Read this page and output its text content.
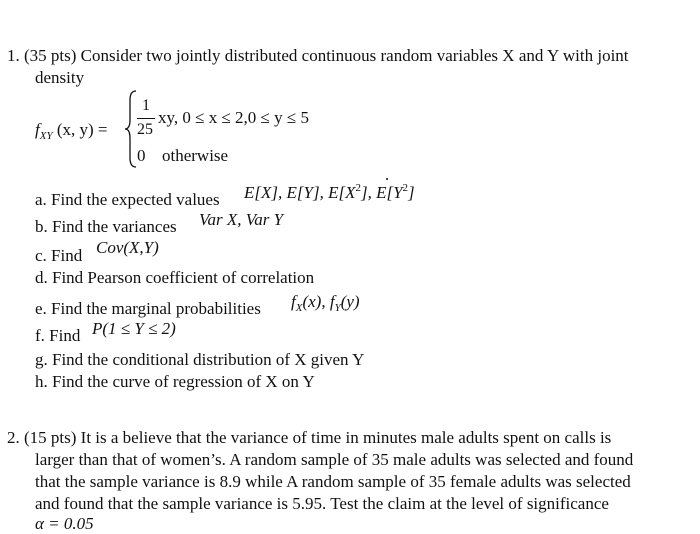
1. (35 pts) Consider two jointly distributed continuous random variables X and Y with joint
density
$f_{XY}$ (x, y) =
1
25
xy, 0 ≤ x ≤ 2,0 ≤ y ≤ 5
0 otherwise
a. Find the expected values E[X], E[Y], $E[X^2]$, $E[Y^2]$
b. Find the variances Var X, Var Y
c. Find Cov(X,Y)
d. Find Pearson coefficient of correlation
e. Find the marginal probabilities $f_X(x)$, $f_Y(y)$
f. Find P(1 ≤ Y ≤ 2)
g. Find the conditional distribution of X given Y
h. Find the curve of regression of X on Y
2. (15 pts) It is a believe that the variance of time in minutes male adults spent on calls is
larger than that of women’s. A random sample of 35 male adults was selected and found
that the sample variance is 8.9 while A random sample of 35 female adults was selected
and found that the sample variance is 5.95. Test the claim at the level of significance
α = 0.05
